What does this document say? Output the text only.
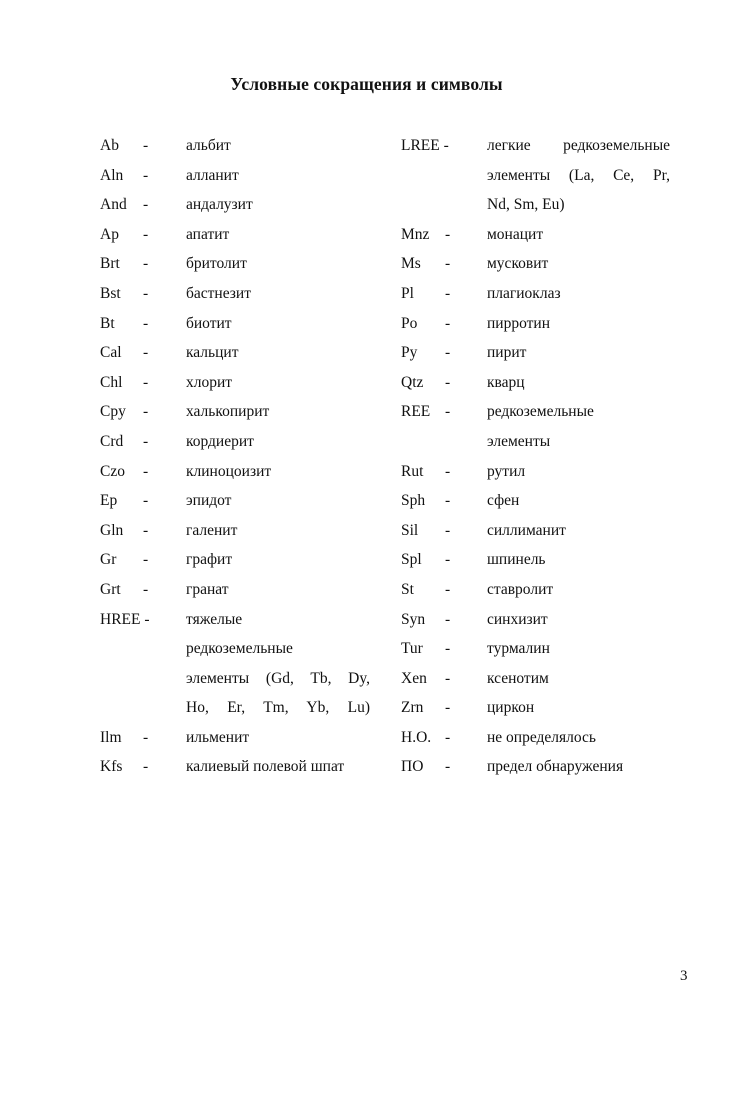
Условные сокращения и символы
Ab - альбит
Aln - алланит
And - андалузит
Ap - апатит
Brt - бритолит
Bst - бастнезит
Bt - биотит
Cal - кальцит
Chl - хлорит
Cpy - халькопирит
Crd - кордиерит
Czo - клиноцоизит
Ep - эпидот
Gln - галенит
Gr - графит
Grt - гранат
HREE - тяжелые
редкоземельные
элементы (Gd, Tb, Dy,
Ho, Er, Tm, Yb, Lu)
Ilm - ильменит
Kfs - калиевый полевой шпат
LREE - легкие редкоземельные
элементы (La, Ce, Pr,
Nd, Sm, Eu)
Mnz - монацит
Ms - мусковит
Pl - плагиоклаз
Po - пирротин
Py - пирит
Qtz - кварц
REE - редкоземельные
элементы
Rut - рутил
Sph - сфен
Sil - силлиманит
Spl - шпинель
St - ставролит
Syn - синхизит
Tur - турмалин
Xen - ксенотим
Zrn - циркон
Н.О. - не определялось
ПО - предел обнаружения
3
